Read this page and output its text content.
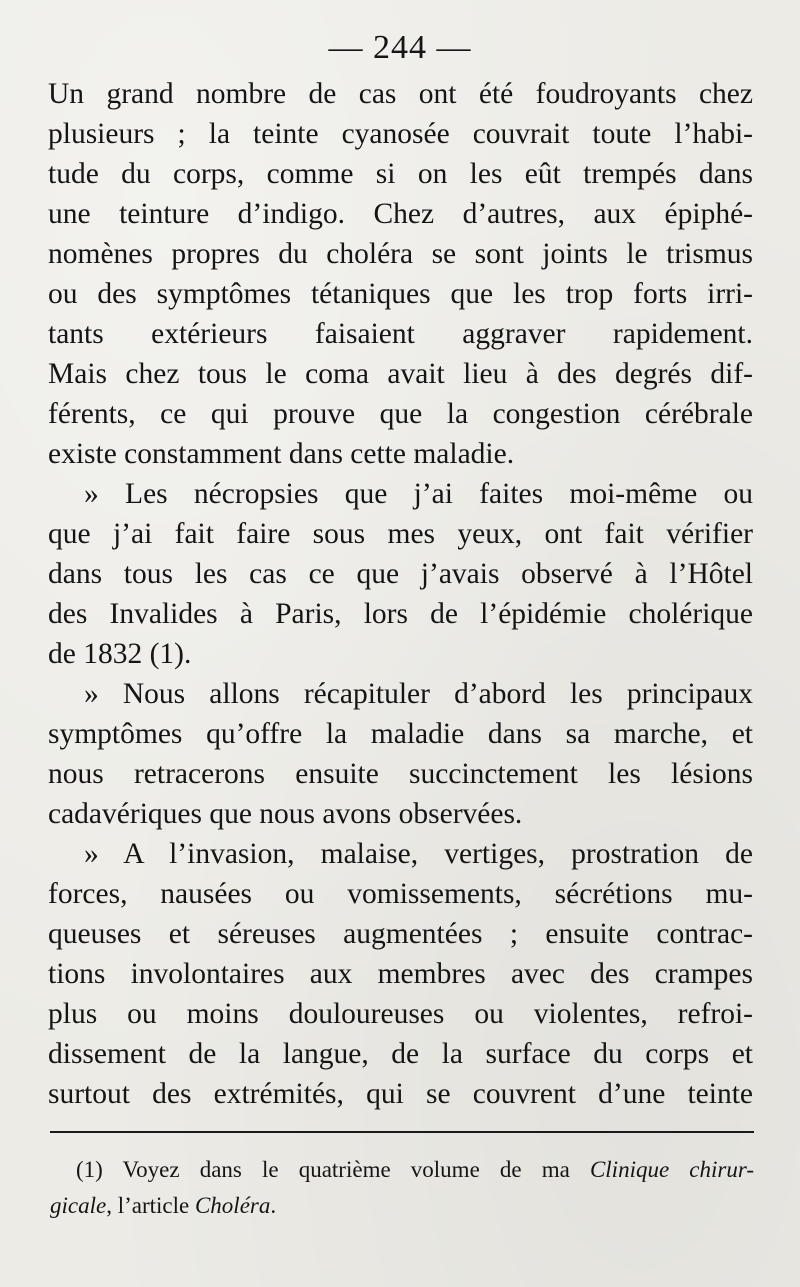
— 244 —
Un grand nombre de cas ont été foudroyants chez
plusieurs ; la teinte cyanosée couvrait toute l’habi-
tude du corps, comme si on les eût trempés dans
une teinture d’indigo. Chez d’autres, aux épiphé-
nomènes propres du choléra se sont joints le trismus
ou des symptômes tétaniques que les trop forts irri-
tants extérieurs faisaient aggraver rapidement.
Mais chez tous le coma avait lieu à des degrés dif-
férents, ce qui prouve que la congestion cérébrale
existe constamment dans cette maladie.
» Les nécropsies que j’ai faites moi-même ou
que j’ai fait faire sous mes yeux, ont fait vérifier
dans tous les cas ce que j’avais observé à l’Hôtel
des Invalides à Paris, lors de l’épidémie cholérique
de 1832 (1).
» Nous allons récapituler d’abord les principaux
symptômes qu’offre la maladie dans sa marche, et
nous retracerons ensuite succinctement les lésions
cadavériques que nous avons observées.
» A l’invasion, malaise, vertiges, prostration de
forces, nausées ou vomissements, sécrétions mu-
queuses et séreuses augmentées ; ensuite contrac-
tions involontaires aux membres avec des crampes
plus ou moins douloureuses ou violentes, refroi-
dissement de la langue, de la surface du corps et
surtout des extrémités, qui se couvrent d’une teinte
(1) Voyez dans le quatrième volume de ma Clinique chirur-
gicale, l’article Choléra.
